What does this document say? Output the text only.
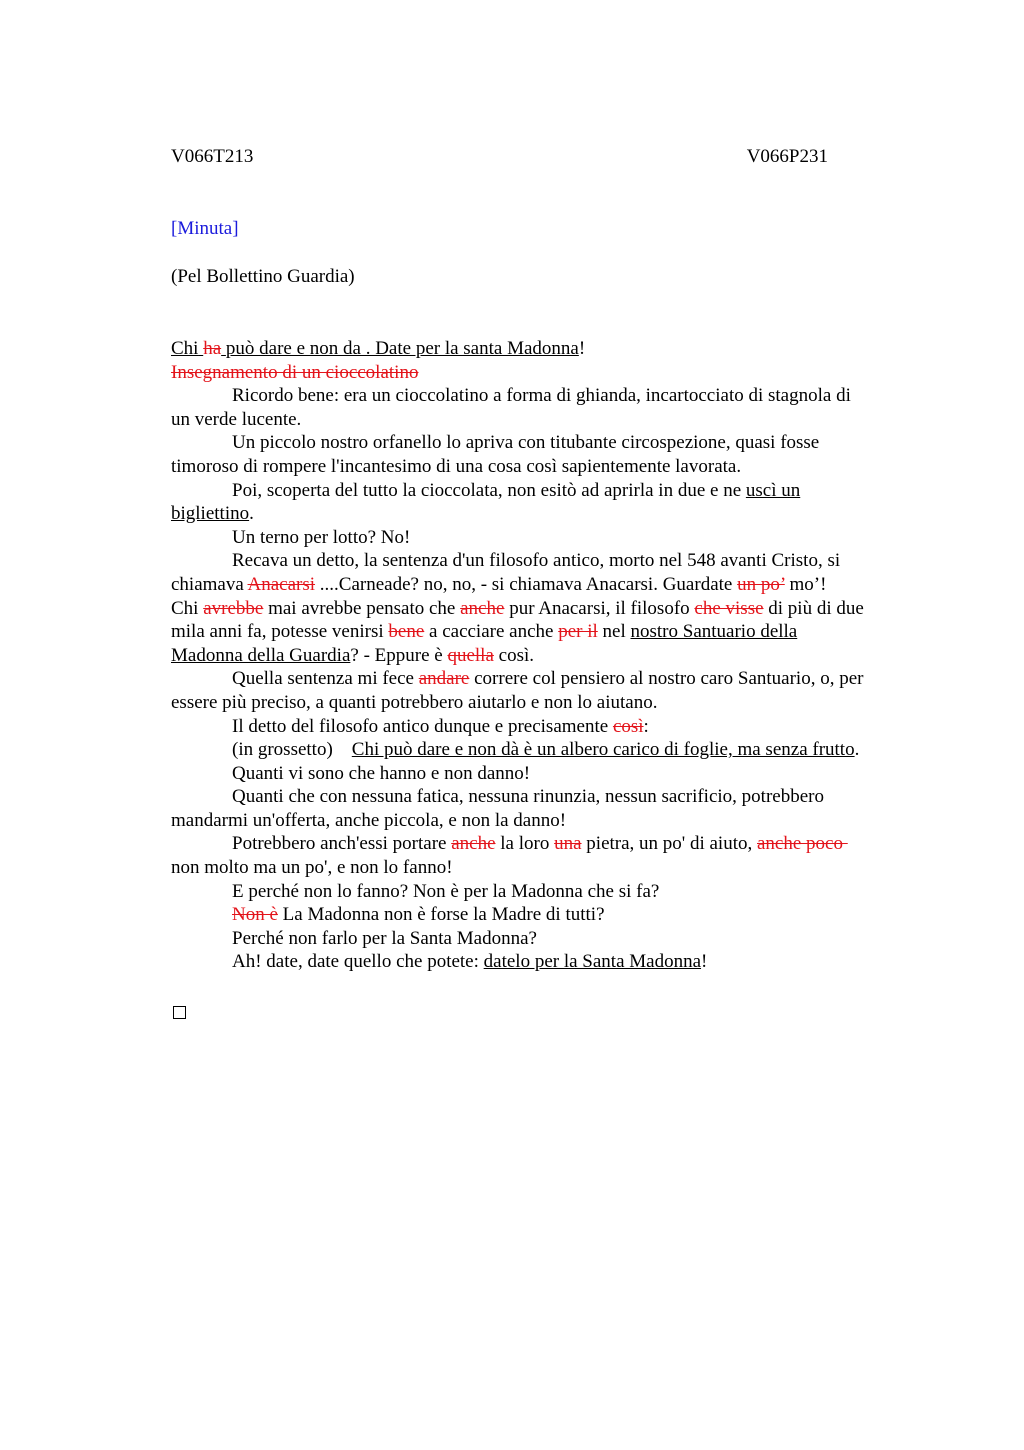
V066T213	V066P231
[Minuta]
(Pel Bollettino Guardia)
Chi ha può dare e non da . Date per la santa Madonna!
Insegnamento di un cioccolatino
Ricordo bene: era un cioccolatino a forma di ghianda, incartocciato di stagnola di
un verde lucente.
Un piccolo nostro orfanello lo apriva con titubante circospezione, quasi fosse
timoroso di rompere l'incantesimo di una cosa così sapientemente lavorata.
Poi, scoperta del tutto la cioccolata, non esitò ad aprirla in due e ne uscì un
bigliettino.
Un terno per lotto? No!
Recava un detto, la sentenza d'un filosofo antico, morto nel 548 avanti Cristo, si
chiamava Anacarsi ....Carneade? no, no, - si chiamava Anacarsi. Guardate un po’ mo’!
Chi avrebbe mai avrebbe pensato che anche pur Anacarsi, il filosofo che visse di più di due
mila anni fa, potesse venirsi bene a cacciare anche per il nel nostro Santuario della
Madonna della Guardia? - Eppure è quella così.
Quella sentenza mi fece andare correre col pensiero al nostro caro Santuario, o, per
essere più preciso, a quanti potrebbero aiutarlo e non lo aiutano.
Il detto del filosofo antico dunque e precisamente così:
(in grossetto)    Chi può dare e non dà è un albero carico di foglie, ma senza frutto.
Quanti vi sono che hanno e non danno!
Quanti che con nessuna fatica, nessuna rinunzia, nessun sacrificio, potrebbero
mandarmi un'offerta, anche piccola, e non la danno!
Potrebbero anch'essi portare anche la loro una pietra, un po' di aiuto, anche poco
non molto ma un po', e non lo fanno!
E perché non lo fanno? Non è per la Madonna che si fa?
Non è La Madonna non è forse la Madre di tutti?
Perché non farlo per la Santa Madonna?
Ah! date, date quello che potete: datelo per la Santa Madonna!
